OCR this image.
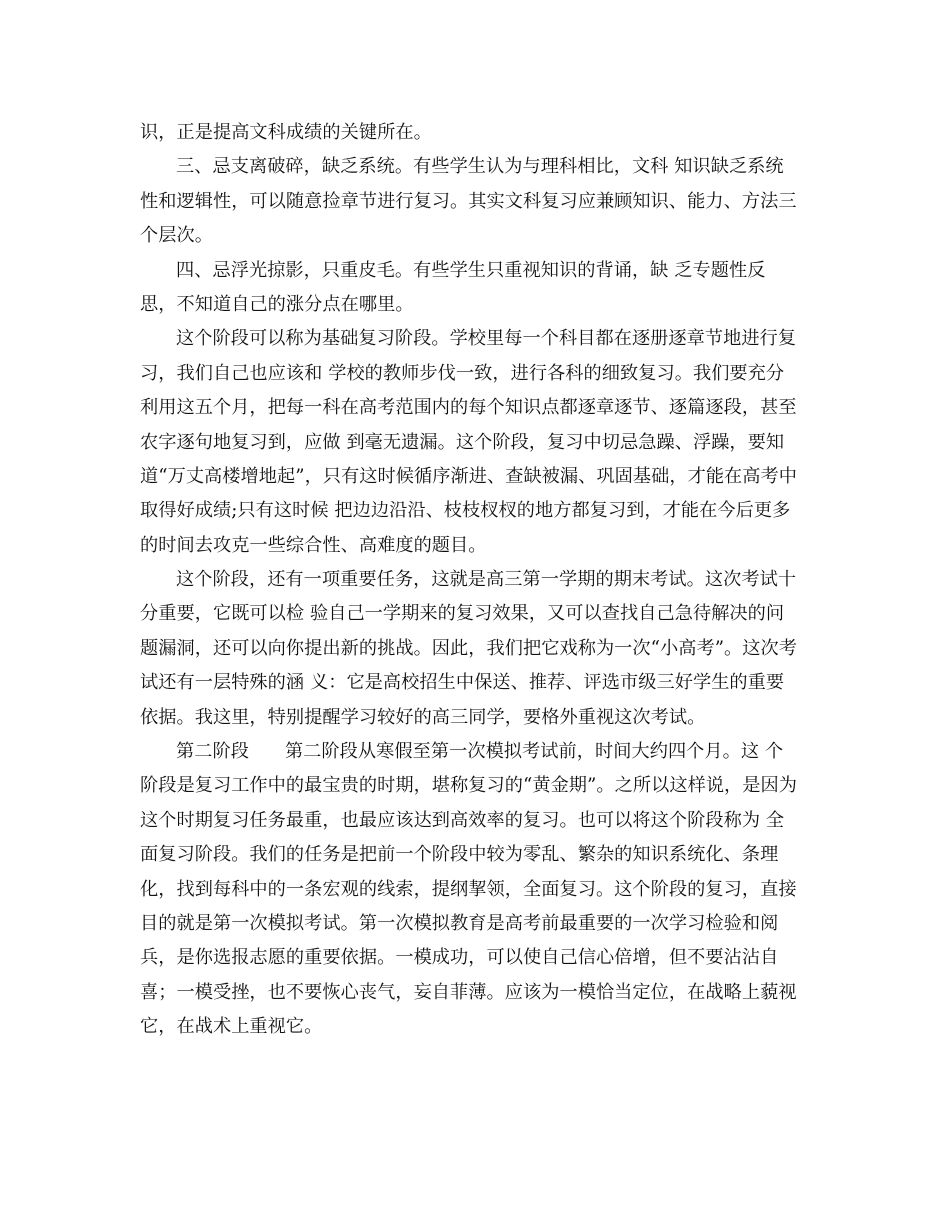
识，正是提高文科成绩的关键所在。
三、忌支离破碎，缺乏系统。有些学生认为与理科相比，文科 知识缺乏系统
性和逻辑性，可以随意捡章节进行复习。其实文科复习应兼顾知识、能力、方法三
个层次。
四、忌浮光掠影，只重皮毛。有些学生只重视知识的背诵，缺 乏专题性反
思，不知道自己的涨分点在哪里。
这个阶段可以称为基础复习阶段。学校里每一个科目都在逐册逐章节地进行复
习，我们自己也应该和 学校的教师步伐一致，进行各科的细致复习。我们要充分
利用这五个月，把每一科在高考范围内的每个知识点都逐章逐节、逐篇逐段，甚至
农字逐句地复习到，应做 到毫无遗漏。这个阶段，复习中切忌急躁、浮躁，要知
道“万丈高楼增地起”，只有这时候循序渐进、查缺被漏、巩固基础，才能在高考中
取得好成绩;只有这时候 把边边沿沿、枝枝杈杈的地方都复习到，才能在今后更多
的时间去攻克一些综合性、高难度的题目。
这个阶段，还有一项重要任务，这就是高三第一学期的期末考试。这次考试十
分重要，它既可以检 验自己一学期来的复习效果，又可以查找自己急待解决的问
题漏洞，还可以向你提出新的挑战。因此，我们把它戏称为一次“小高考”。这次考
试还有一层特殊的涵 义：它是高校招生中保送、推荐、评选市级三好学生的重要
依据。我这里，特别提醒学习较好的高三同学，要格外重视这次考试。
第二阶段 第二阶段从寒假至第一次模拟考试前，时间大约四个月。这 个
阶段是复习工作中的最宝贵的时期，堪称复习的“黄金期”。之所以这样说，是因为
这个时期复习任务最重，也最应该达到高效率的复习。也可以将这个阶段称为 全
面复习阶段。我们的任务是把前一个阶段中较为零乱、繁杂的知识系统化、条理
化，找到每科中的一条宏观的线索，提纲挈领，全面复习。这个阶段的复习，直接
目的就是第一次模拟考试。第一次模拟教育是高考前最重要的一次学习检验和阅
兵，是你选报志愿的重要依据。一模成功，可以使自己信心倍增，但不要沾沾自
喜；一模受挫，也不要恢心丧气，妄自菲薄。应该为一模恰当定位，在战略上藐视
它，在战术上重视它。
